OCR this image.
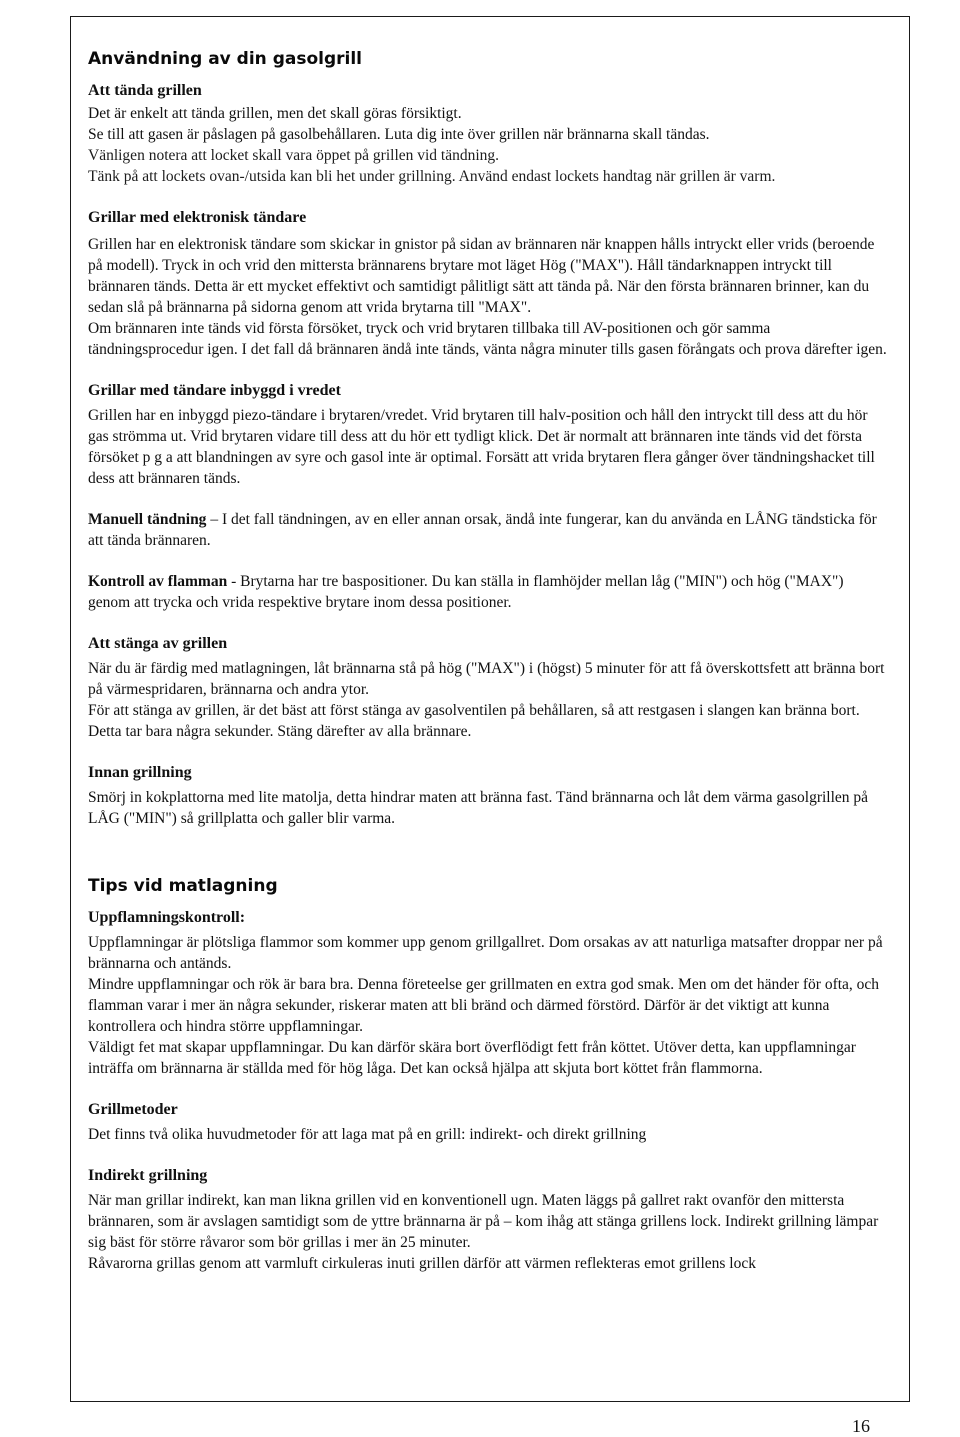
Användning av din gasolgrill
Att tända grillen

Det är enkelt att tända grillen, men det skall göras försiktigt.

Se till att gasen är påslagen på gasolbehållaren. Luta dig inte över grillen när brännarna skall tändas.

Vänligen notera att locket skall vara öppet på grillen vid tändning.

Tänk på att lockets ovan-/utsida kan bli het under grillning. Använd endast lockets handtag när grillen är varm.

Grillar med elektronisk tändare

Grillen har en elektronisk tändare som skickar in gnistor på sidan av brännaren när knappen hålls intryckt eller vrids (beroende på modell). Tryck in och vrid den mittersta brännarens brytare mot läget Hög ("MAX"). Håll tändarknappen intryckt till brännaren tänds. Detta är ett mycket effektivt och samtidigt pålitligt sätt att tända på. När den första brännaren brinner, kan du sedan slå på brännarna på sidorna genom att vrida brytarna till "MAX".

Om brännaren inte tänds vid första försöket, tryck och vrid brytaren tillbaka till AV-positionen och gör samma tändningsprocedur igen. I det fall då brännaren ändå inte tänds, vänta några minuter tills gasen förångats och prova därefter igen.

Grillar med tändare inbyggd i vredet

Grillen har en inbyggd piezo-tändare i brytaren/vredet. Vrid brytaren till halv-position och håll den intryckt till dess att du hör gas strömma ut. Vrid brytaren vidare till dess att du hör ett tydligt klick. Det är normalt att brännaren inte tänds vid det första försöket p g a att blandningen av syre och gasol inte är optimal. Forsätt att vrida brytaren flera gånger över tändningshacket till dess att brännaren tänds.

Manuell tändning – I det fall tändningen, av en eller annan orsak, ändå inte fungerar, kan du använda en LÅNG tändsticka för att tända brännaren.

Kontroll av flamman - Brytarna har tre baspositioner. Du kan ställa in flamhöjder mellan låg ("MIN") och hög ("MAX") genom att trycka och vrida respektive brytare inom dessa positioner.

Att stänga av grillen

När du är färdig med matlagningen, låt brännarna stå på hög ("MAX") i (högst) 5 minuter för att få överskottsfett att bränna bort på värmespridaren, brännarna och andra ytor.

För att stänga av grillen, är det bäst att först stänga av gasolventilen på behållaren, så att restgasen i slangen kan bränna bort. Detta tar bara några sekunder. Stäng därefter av alla brännare.

Innan grillning

Smörj in kokplattorna med lite matolja, detta hindrar maten att bränna fast. Tänd brännarna och låt dem värma gasolgrillen på LÅG ("MIN") så grillplatta och galler blir varma.

Tips vid matlagning
Uppflamningskontroll:

Uppflamningar är plötsliga flammor som kommer upp genom grillgallret. Dom orsakas av att naturliga matsafter droppar ner på brännarna och antänds.

Mindre uppflamningar och rök är bara bra. Denna företeelse ger grillmaten en extra god smak. Men om det händer för ofta, och flamman varar i mer än några sekunder, riskerar maten att bli bränd och därmed förstörd. Därför är det viktigt att kunna kontrollera och hindra större uppflamningar.

Väldigt fet mat skapar uppflamningar. Du kan därför skära bort överflödigt fett från köttet. Utöver detta, kan uppflamningar inträffa om brännarna är ställda med för hög låga. Det kan också hjälpa att skjuta bort köttet från flammorna.

Grillmetoder

Det finns två olika huvudmetoder för att laga mat på en grill: indirekt- och direkt grillning

Indirekt grillning

När man grillar indirekt, kan man likna grillen vid en konventionell ugn. Maten läggs på gallret rakt ovanför den mittersta brännaren, som är avslagen samtidigt som de yttre brännarna är på – kom ihåg att stänga grillens lock. Indirekt grillning lämpar sig bäst för större råvaror som bör grillas i mer än 25 minuter.

Råvarorna grillas genom att varmluft cirkuleras inuti grillen därför att värmen reflekteras emot grillens lock

16
